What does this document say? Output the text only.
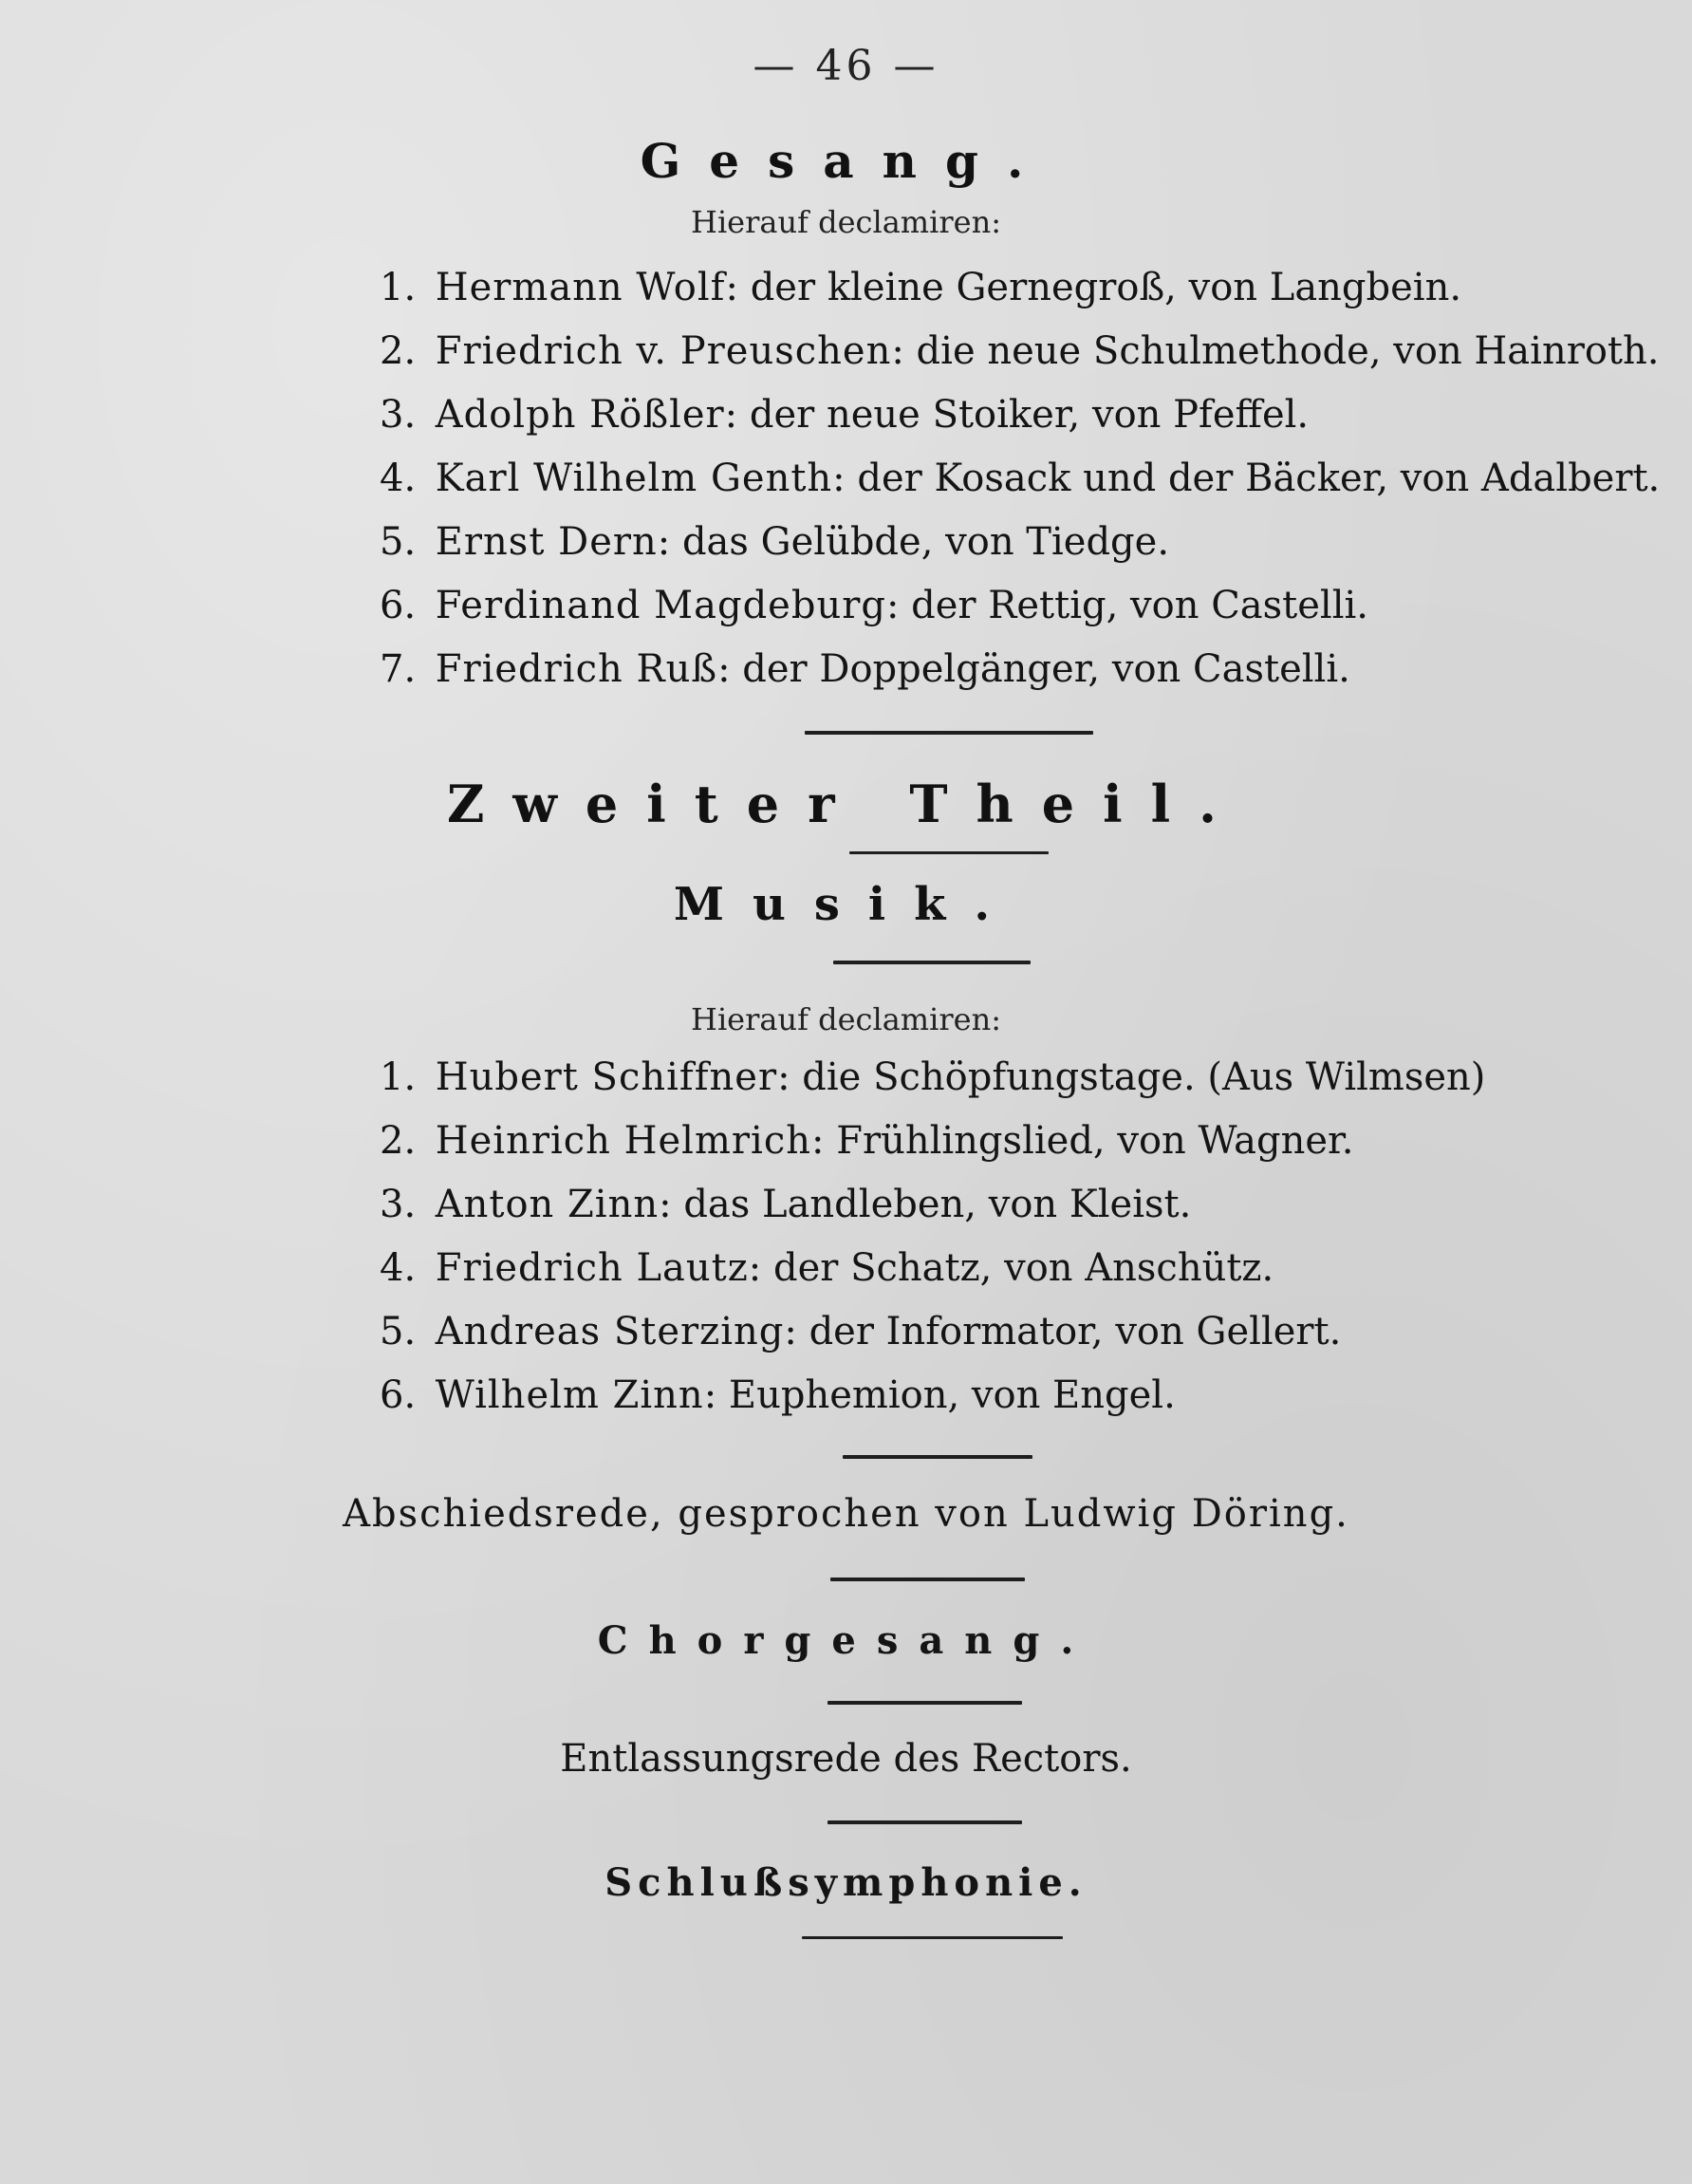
— 46 —
Gesang.
Hierauf declamiren:
1. Hermann Wolf: der kleine Gernegroß, von Langbein.
2. Friedrich v. Preuschen: die neue Schulmethode, von Hainroth.
3. Adolph Rößler: der neue Stoiker, von Pfeffel.
4. Karl Wilhelm Genth: der Kosack und der Bäcker, von Adalbert.
5. Ernst Dern: das Gelübde, von Tiedge.
6. Ferdinand Magdeburg: der Rettig, von Castelli.
7. Friedrich Ruß: der Doppelgänger, von Castelli.
Zweiter Theil.
Musik.
Hierauf declamiren:
1. Hubert Schiffner: die Schöpfungstage. (Aus Wilmsen)
2. Heinrich Helmrich: Frühlingslied, von Wagner.
3. Anton Zinn: das Landleben, von Kleist.
4. Friedrich Lautz: der Schatz, von Anschütz.
5. Andreas Sterzing: der Informator, von Gellert.
6. Wilhelm Zinn: Euphemion, von Engel.
Abschiedsrede, gesprochen von Ludwig Döring.
Chorgesang.
Entlassungsrede des Rectors.
Schlußsymphonie.
